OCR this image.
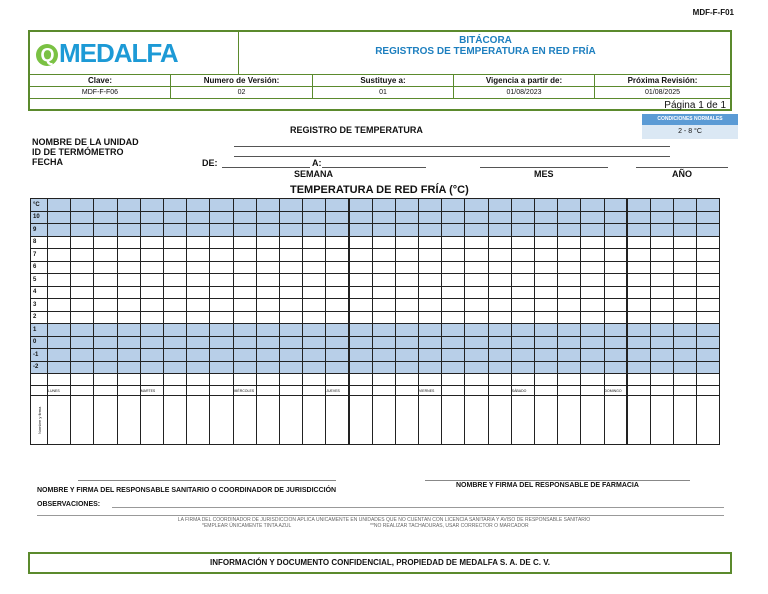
MDF-F-F01
Q MEDALFA	BITÁCORA
REGISTROS DE TEMPERATURA EN RED FRÍA
Clave:
MDF-F-F06
Numero de Versión:
02
Sustituye a:
01
Vigencia a partir de:
01/08/2023
Próxima Revisión:
01/08/2025
Página 1 de 1
CONDICIONES NORMALES
2 - 8 °C
REGISTRO DE TEMPERATURA
NOMBRE DE LA UNIDAD
ID DE TERMÓMETRO
FECHA	DE:	A:
SEMANA	MES	AÑO
TEMPERATURA DE RED FRÍA (°C)
°C																													
10																													
9																													
8																													
7																													
6																													
5																													
4																													
3																													
2																													
1																													
0																													
-1																													
-2																													

	LUNES				MARTES				MIÉRCOLES				JUEVES				VIERNES				SÁBADO				DOMINGO				
Nombre y firma																													
NOMBRE Y FIRMA DEL RESPONSABLE SANITARIO O COORDINADOR DE JURISDICCIÓN
NOMBRE Y FIRMA DEL RESPONSABLE DE FARMACIA
OBSERVACIONES:
LA FIRMA DEL COORDINADOR DE JURISDICCION APLICA UNICAMENTE EN UNIDADES QUE NO CUENTAN CON LICENCIA SANITARIA Y AVISO DE RESPONSABLE SANITARIO
*EMPLEAR ÚNICAMENTE TINTA AZUL	**NO REALIZAR TACHADURAS, USAR CORRECTOR O MARCADOR
INFORMACIÓN Y DOCUMENTO CONFIDENCIAL, PROPIEDAD DE MEDALFA S. A. DE C. V.
